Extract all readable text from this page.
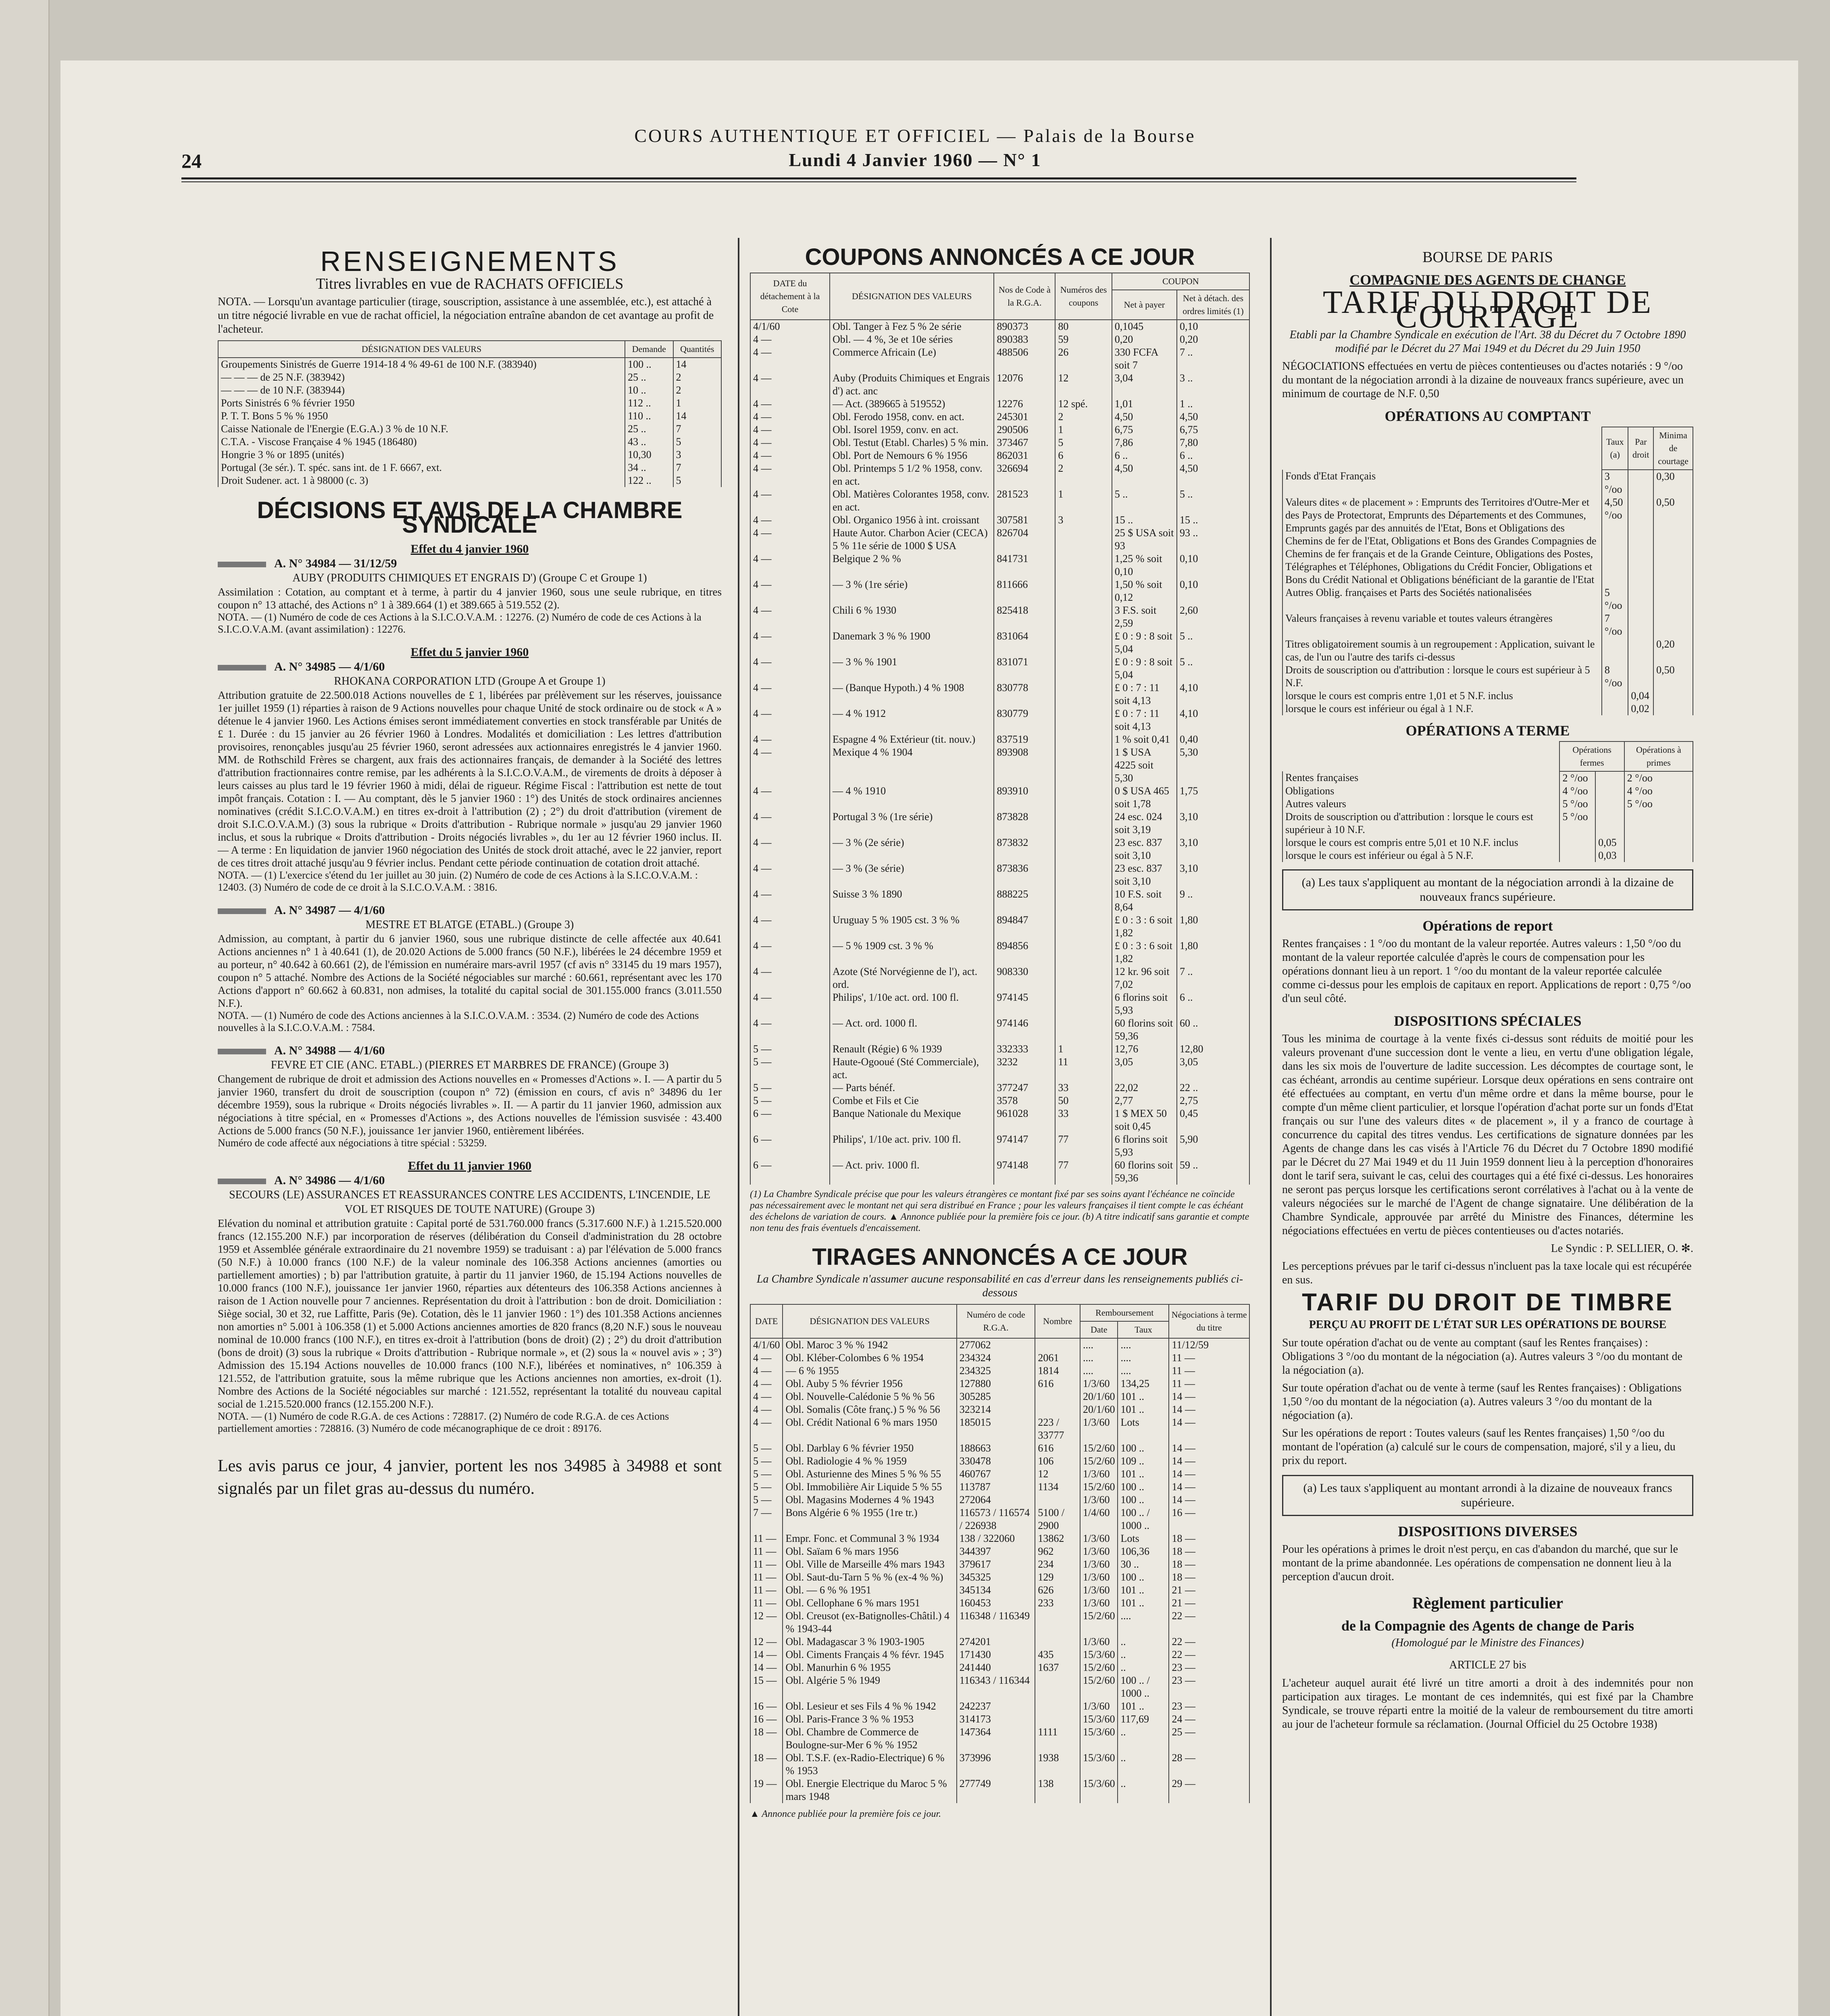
COURS AUTHENTIQUE ET OFFICIEL — Palais de la Bourse
24	Lundi 4 Janvier 1960 — N° 1
RENSEIGNEMENTS
Titres livrables en vue de RACHATS OFFICIELS
NOTA. — Lorsqu'un avantage particulier (tirage, souscription, assistance à une assemblée, etc.), est attaché à un titre négocié livrable en vue de rachat officiel, la négociation entraîne abandon de cet avantage au profit de l'acheteur.
DÉSIGNATION DES VALEURS	Demande	Quantités
Groupements Sinistrés de Guerre 1914-18 4 % 49-61 de 100 N.F. (383940)	100 ..	14
— — — de 25 N.F. (383942)	25 ..	2
— — — de 10 N.F. (383944)	10 ..	2
Ports Sinistrés 6 % février 1950	112 ..	1
P. T. T. Bons 5 % % 1950	110 ..	14
Caisse Nationale de l'Energie (E.G.A.) 3 % de 10 N.F.	25 ..	7
C.T.A. - Viscose Française 4 % 1945 (186480)	43 ..	5
Hongrie 3 % or 1895 (unités)	10,30	3
Portugal (3e sér.). T. spéc. sans int. de 1 F. 6667, ext.	34 ..	7
Droit Sudener. act. 1 à 98000 (c. 3)	122 ..	5
DÉCISIONS ET AVIS DE LA CHAMBRE SYNDICALE
Effet du 4 janvier 1960
A. N° 34984 — 31/12/59
AUBY (PRODUITS CHIMIQUES ET ENGRAIS D') (Groupe C et Groupe 1)
Assimilation : Cotation, au comptant et à terme, à partir du 4 janvier 1960, sous une seule rubrique, en titres coupon n° 13 attaché, des Actions n° 1 à 389.664 (1) et 389.665 à 519.552 (2).
NOTA. — (1) Numéro de code de ces Actions à la S.I.C.O.V.A.M. : 12276. (2) Numéro de code de ces Actions à la S.I.C.O.V.A.M. (avant assimilation) : 12276.
Effet du 5 janvier 1960
A. N° 34985 — 4/1/60
RHOKANA CORPORATION LTD (Groupe A et Groupe 1)
Attribution gratuite de 22.500.018 Actions nouvelles de £ 1, libérées par prélèvement sur les réserves, jouissance 1er juillet 1959 (1) réparties à raison de 9 Actions nouvelles pour chaque Unité de stock ordinaire ou de stock « A » détenue le 4 janvier 1960. Les Actions émises seront immédiatement converties en stock transférable par Unités de £ 1. Durée : du 15 janvier au 26 février 1960 à Londres. Modalités et domiciliation : Les lettres d'attribution provisoires, renonçables jusqu'au 25 février 1960, seront adressées aux actionnaires enregistrés le 4 janvier 1960. MM. de Rothschild Frères se chargent, aux frais des actionnaires français, de demander à la Société des lettres d'attribution fractionnaires contre remise, par les adhérents à la S.I.C.O.V.A.M., de virements de droits à déposer à leurs caisses au plus tard le 19 février 1960 à midi, délai de rigueur. Régime Fiscal : l'attribution est nette de tout impôt français. Cotation : I. — Au comptant, dès le 5 janvier 1960 : 1°) des Unités de stock ordinaires anciennes nominatives (crédit S.I.C.O.V.A.M.) en titres ex-droit à l'attribution (2) ; 2°) du droit d'attribution (virement de droit S.I.C.O.V.A.M.) (3) sous la rubrique « Droits d'attribution - Rubrique normale » jusqu'au 29 janvier 1960 inclus, et sous la rubrique « Droits d'attribution - Droits négociés livrables », du 1er au 12 février 1960 inclus. II. — A terme : En liquidation de janvier 1960 négociation des Unités de stock droit attaché, avec le 22 janvier, report de ces titres droit attaché jusqu'au 9 février inclus. Pendant cette période continuation de cotation droit attaché.
NOTA. — (1) L'exercice s'étend du 1er juillet au 30 juin. (2) Numéro de code de ces Actions à la S.I.C.O.V.A.M. : 12403. (3) Numéro de code de ce droit à la S.I.C.O.V.A.M. : 3816.
A. N° 34987 — 4/1/60
MESTRE ET BLATGE (ETABL.) (Groupe 3)
Admission, au comptant, à partir du 6 janvier 1960, sous une rubrique distincte de celle affectée aux 40.641 Actions anciennes n° 1 à 40.641 (1), de 20.020 Actions de 5.000 francs (50 N.F.), libérées le 24 décembre 1959 et au porteur, n° 40.642 à 60.661 (2), de l'émission en numéraire mars-avril 1957 (cf avis n° 33145 du 19 mars 1957), coupon n° 5 attaché. Nombre des Actions de la Société négociables sur marché : 60.661, représentant avec les 170 Actions d'apport n° 60.662 à 60.831, non admises, la totalité du capital social de 301.155.000 francs (3.011.550 N.F.).
NOTA. — (1) Numéro de code des Actions anciennes à la S.I.C.O.V.A.M. : 3534. (2) Numéro de code des Actions nouvelles à la S.I.C.O.V.A.M. : 7584.
A. N° 34988 — 4/1/60
FEVRE ET CIE (ANC. ETABL.) (PIERRES ET MARBRES DE FRANCE) (Groupe 3)
Changement de rubrique de droit et admission des Actions nouvelles en « Promesses d'Actions ». I. — A partir du 5 janvier 1960, transfert du droit de souscription (coupon n° 72) (émission en cours, cf avis n° 34896 du 1er décembre 1959), sous la rubrique « Droits négociés livrables ». II. — A partir du 11 janvier 1960, admission aux négociations à titre spécial, en « Promesses d'Actions », des Actions nouvelles de l'émission susvisée : 43.400 Actions de 5.000 francs (50 N.F.), jouissance 1er janvier 1960, entièrement libérées.
Numéro de code affecté aux négociations à titre spécial : 53259.
Effet du 11 janvier 1960
A. N° 34986 — 4/1/60
SECOURS (LE) ASSURANCES ET REASSURANCES CONTRE LES ACCIDENTS, L'INCENDIE, LE VOL ET RISQUES DE TOUTE NATURE) (Groupe 3)
Elévation du nominal et attribution gratuite : Capital porté de 531.760.000 francs (5.317.600 N.F.) à 1.215.520.000 francs (12.155.200 N.F.) par incorporation de réserves (délibération du Conseil d'administration du 28 octobre 1959 et Assemblée générale extraordinaire du 21 novembre 1959) se traduisant : a) par l'élévation de 5.000 francs (50 N.F.) à 10.000 francs (100 N.F.) de la valeur nominale des 106.358 Actions anciennes (amorties ou partiellement amorties) ; b) par l'attribution gratuite, à partir du 11 janvier 1960, de 15.194 Actions nouvelles de 10.000 francs (100 N.F.), jouissance 1er janvier 1960, réparties aux détenteurs des 106.358 Actions anciennes à raison de 1 Action nouvelle pour 7 anciennes. Représentation du droit à l'attribution : bon de droit. Domiciliation : Siège social, 30 et 32, rue Laffitte, Paris (9e). Cotation, dès le 11 janvier 1960 : 1°) des 101.358 Actions anciennes non amorties n° 5.001 à 106.358 (1) et 5.000 Actions anciennes amorties de 820 francs (8,20 N.F.) sous le nouveau nominal de 10.000 francs (100 N.F.), en titres ex-droit à l'attribution (bons de droit) (2) ; 2°) du droit d'attribution (bons de droit) (3) sous la rubrique « Droits d'attribution - Rubrique normale », et (2) sous la « nouvel avis » ; 3°) Admission des 15.194 Actions nouvelles de 10.000 francs (100 N.F.), libérées et nominatives, n° 106.359 à 121.552, de l'attribution gratuite, sous la même rubrique que les Actions anciennes non amorties, ex-droit (1). Nombre des Actions de la Société négociables sur marché : 121.552, représentant la totalité du nouveau capital social de 1.215.520.000 francs (12.155.200 N.F.).
NOTA. — (1) Numéro de code R.G.A. de ces Actions : 728817. (2) Numéro de code R.G.A. de ces Actions partiellement amorties : 728816. (3) Numéro de code mécanographique de ce droit : 89176.
Les avis parus ce jour, 4 janvier, portent les nos 34985 à 34988 et sont signalés par un filet gras au-dessus du numéro.
COUPONS ANNONCÉS A CE JOUR
DATE du détachement à la Cote	DÉSIGNATION DES VALEURS	Nos de Code à la R.G.A.	Numéros des coupons	COUPON	
				Net à payer	Net à détach. des ordres limités (1)
4/1/60	Obl. Tanger à Fez 5 % 2e série	890373	80	0,1045	0,10
4 —	Obl. — 4 %, 3e et 10e séries	890383	59	0,20	0,20
4 —	Commerce Africain (Le)	488506	26	330 FCFA soit 7	7 ..
4 —	Auby (Produits Chimiques et Engrais d') act. anc	12076	12	3,04	3 ..
4 —	— Act. (389665 à 519552)	12276	12 spé.	1,01	1 ..
4 —	Obl. Ferodo 1958, conv. en act.	245301	2	4,50	4,50
4 —	Obl. Isorel 1959, conv. en act.	290506	1	6,75	6,75
4 —	Obl. Testut (Etabl. Charles) 5 % min.	373467	5	7,86	7,80
4 —	Obl. Port de Nemours 6 % 1956	862031	6	6 ..	6 ..
4 —	Obl. Printemps 5 1/2 % 1958, conv. en act.	326694	2	4,50	4,50
4 —	Obl. Matières Colorantes 1958, conv. en act.	281523	1	5 ..	5 ..
4 —	Obl. Organico 1956 à int. croissant	307581	3	15 ..	15 ..
4 —	Haute Autor. Charbon Acier (CECA) 5 % 11e série de 1000 $ USA	826704		25 $ USA soit 93	93 ..
4 —	Belgique 2 % %	841731		1,25 % soit 0,10	0,10
4 —	— 3 % (1re série)	811666		1,50 % soit 0,12	0,10
4 —	Chili 6 % 1930	825418		3 F.S. soit 2,59	2,60
4 —	Danemark 3 % % 1900	831064		£ 0 : 9 : 8 soit 5,04	5 ..
4 —	— 3 % % 1901	831071		£ 0 : 9 : 8 soit 5,04	5 ..
4 —	— (Banque Hypoth.) 4 % 1908	830778		£ 0 : 7 : 11 soit 4,13	4,10
4 —	— 4 % 1912	830779		£ 0 : 7 : 11 soit 4,13	4,10
4 —	Espagne 4 % Extérieur (tit. nouv.)	837519		1 % soit 0,41	0,40
4 —	Mexique 4 % 1904	893908		1 $ USA 4225 soit 5,30	5,30
4 —	— 4 % 1910	893910		0 $ USA 465 soit 1,78	1,75
4 —	Portugal 3 % (1re série)	873828		24 esc. 024 soit 3,19	3,10
4 —	— 3 % (2e série)	873832		23 esc. 837 soit 3,10	3,10
4 —	— 3 % (3e série)	873836		23 esc. 837 soit 3,10	3,10
4 —	Suisse 3 % 1890	888225		10 F.S. soit 8,64	9 ..
4 —	Uruguay 5 % 1905 cst. 3 % %	894847		£ 0 : 3 : 6 soit 1,82	1,80
4 —	— 5 % 1909 cst. 3 % %	894856		£ 0 : 3 : 6 soit 1,82	1,80
4 —	Azote (Sté Norvégienne de l'), act. ord.	908330		12 kr. 96 soit 7,02	7 ..
4 —	Philips', 1/10e act. ord. 100 fl.	974145		6 florins soit 5,93	6 ..
4 —	— Act. ord. 1000 fl.	974146		60 florins soit 59,36	60 ..
5 —	Renault (Régie) 6 % 1939	332333	1	12,76	12,80
5 —	Haute-Ogooué (Sté Commerciale), act.	3232	11	3,05	3,05
5 —	— Parts bénéf.	377247	33	22,02	22 ..
5 —	Combe et Fils et Cie	3578	50	2,77	2,75
6 —	Banque Nationale du Mexique	961028	33	1 $ MEX 50 soit 0,45	0,45
6 —	Philips', 1/10e act. priv. 100 fl.	974147	77	6 florins soit 5,93	5,90
6 —	— Act. priv. 1000 fl.	974148	77	60 florins soit 59,36	59 ..
(1) La Chambre Syndicale précise que pour les valeurs étrangères ce montant fixé par ses soins ayant l'échéance ne coïncide pas nécessairement avec le montant net qui sera distribué en France ; pour les valeurs françaises il tient compte le cas échéant des échelons de variation de cours. ▲ Annonce publiée pour la première fois ce jour. (b) A titre indicatif sans garantie et compte non tenu des frais éventuels d'encaissement.
TIRAGES ANNONCÉS A CE JOUR
La Chambre Syndicale n'assumer aucune responsabilité en cas d'erreur dans les renseignements publiés ci-dessous
DATE	DÉSIGNATION DES VALEURS	Numéro de code R.G.A.	Nombre	Remboursement		Négociations à terme du titre
				Date	Taux	
4/1/60	Obl. Maroc 3 % % 1942	277062		....	....	11/12/59
4 —	Obl. Kléber-Colombes 6 % 1954	234324	2061	....	....	11 —
4 —	— 6 % 1955	234325	1814	....	....	11 —
4 —	Obl. Auby 5 % février 1956	127880	616	1/3/60	134,25	11 —
4 —	Obl. Nouvelle-Calédonie 5 % % 56	305285		20/1/60	101 ..	14 —
4 —	Obl. Somalis (Côte franç.) 5 % % 56	323214		20/1/60	101 ..	14 —
4 —	Obl. Crédit National 6 % mars 1950	185015	223 / 33777	1/3/60	Lots	14 —
5 —	Obl. Darblay 6 % février 1950	188663	616	15/2/60	100 ..	14 —
5 —	Obl. Radiologie 4 % % 1959	330478	106	15/2/60	109 ..	14 —
5 —	Obl. Asturienne des Mines 5 % % 55	460767	12	1/3/60	101 ..	14 —
5 —	Obl. Immobilière Air Liquide 5 % 55	113787	1134	15/2/60	100 ..	14 —
5 —	Obl. Magasins Modernes 4 % 1943	272064		1/3/60	100 ..	14 —
7 —	Bons Algérie 6 % 1955 (1re tr.)	116573 / 116574 / 226938	5100 / 2900	1/4/60	100 .. / 1000 ..	16 —
11 —	Empr. Fonc. et Communal 3 % 1934	138 / 322060	13862	1/3/60	Lots	18 —
11 —	Obl. Saïam 6 % mars 1956	344397	962	1/3/60	106,36	18 —
11 —	Obl. Ville de Marseille 4% mars 1943	379617	234	1/3/60	30 ..	18 —
11 —	Obl. Saut-du-Tarn 5 % % (ex-4 % %)	345325	129	1/3/60	100 ..	18 —
11 —	Obl. — 6 % % 1951	345134	626	1/3/60	101 ..	21 —
11 —	Obl. Cellophane 6 % mars 1951	160453	233	1/3/60	101 ..	21 —
12 —	Obl. Creusot (ex-Batignolles-Châtil.) 4 % 1943-44	116348 / 116349		15/2/60	....	22 —
12 —	Obl. Madagascar 3 % 1903-1905	274201		1/3/60	..	22 —
14 —	Obl. Ciments Français 4 % févr. 1945	171430	435	15/3/60	..	22 —
14 —	Obl. Manurhin 6 % 1955	241440	1637	15/2/60	..	23 —
15 —	Obl. Algérie 5 % 1949	116343 / 116344		15/2/60	100 .. / 1000 ..	23 —
16 —	Obl. Lesieur et ses Fils 4 % % 1942	242237		1/3/60	101 ..	23 —
16 —	Obl. Paris-France 3 % % 1953	314173		15/3/60	117,69	24 —
18 —	Obl. Chambre de Commerce de Boulogne-sur-Mer 6 % % 1952	147364	1111	15/3/60	..	25 —
18 —	Obl. T.S.F. (ex-Radio-Electrique) 6 % % 1953	373996	1938	15/3/60	..	28 —
19 —	Obl. Energie Electrique du Maroc 5 % mars 1948	277749	138	15/3/60	..	29 —
▲ Annonce publiée pour la première fois ce jour.
BOURSE DE PARIS
COMPAGNIE DES AGENTS DE CHANGE
TARIF DU DROIT DE COURTAGE
Etabli par la Chambre Syndicale en exécution de l'Art. 38 du Décret du 7 Octobre 1890 modifié par le Décret du 27 Mai 1949 et du Décret du 29 Juin 1950
NÉGOCIATIONS effectuées en vertu de pièces contentieuses ou d'actes notariés : 9 °/oo du montant de la négociation arrondi à la dizaine de nouveaux francs supérieure, avec un minimum de courtage de N.F. 0,50
OPÉRATIONS AU COMPTANT
	Taux (a)	Par droit	Minima de courtage
Fonds d'Etat Français	3 °/oo		0,30
Valeurs dites « de placement » : Emprunts des Territoires d'Outre-Mer et des Pays de Protectorat, Emprunts des Départements et des Communes, Emprunts gagés par des annuités de l'Etat, Bons et Obligations des Chemins de fer de l'Etat, Obligations et Bons des Grandes Compagnies de Chemins de fer français et de la Grande Ceinture, Obligations des Postes, Télégraphes et Téléphones, Obligations du Crédit Foncier, Obligations et Bons du Crédit National et Obligations bénéficiant de la garantie de l'Etat	4,50 °/oo		0,50
Autres Oblig. françaises et Parts des Sociétés nationalisées	5 °/oo		
Valeurs françaises à revenu variable et toutes valeurs étrangères	7 °/oo		
Titres obligatoirement soumis à un regroupement : Application, suivant le cas, de l'un ou l'autre des tarifs ci-dessus			0,20
Droits de souscription ou d'attribution : lorsque le cours est supérieur à 5 N.F.	8 °/oo		0,50
lorsque le cours est compris entre 1,01 et 5 N.F. inclus		0,04	
lorsque le cours est inférieur ou égal à 1 N.F.		0,02	
OPÉRATIONS A TERME
	Opérations fermes		Opérations à primes
Rentes françaises	2 °/oo		2 °/oo
Obligations	4 °/oo		4 °/oo
Autres valeurs	5 °/oo		5 °/oo
Droits de souscription ou d'attribution : lorsque le cours est supérieur à 10 N.F.	5 °/oo		
lorsque le cours est compris entre 5,01 et 10 N.F. inclus		0,05	
lorsque le cours est inférieur ou égal à 5 N.F.		0,03	
(a) Les taux s'appliquent au montant de la négociation arrondi à la dizaine de nouveaux francs supérieure.
Opérations de report
Rentes françaises : 1 °/oo du montant de la valeur reportée. Autres valeurs : 1,50 °/oo du montant de la valeur reportée calculée d'après le cours de compensation pour les opérations donnant lieu à un report. 1 °/oo du montant de la valeur reportée calculée comme ci-dessus pour les emplois de capitaux en report. Applications de report : 0,75 °/oo d'un seul côté.
DISPOSITIONS SPÉCIALES
Tous les minima de courtage à la vente fixés ci-dessus sont réduits de moitié pour les valeurs provenant d'une succession dont le vente a lieu, en vertu d'une obligation légale, dans les six mois de l'ouverture de ladite succession. Les décomptes de courtage sont, le cas échéant, arrondis au centime supérieur. Lorsque deux opérations en sens contraire ont été effectuées au comptant, en vertu d'un même ordre et dans la même bourse, pour le compte d'un même client particulier, et lorsque l'opération d'achat porte sur un fonds d'Etat français ou sur l'une des valeurs dites « de placement », il y a franco de courtage à concurrence du capital des titres vendus. Les certifications de signature données par les Agents de change dans les cas visés à l'Article 76 du Décret du 7 Octobre 1890 modifié par le Décret du 27 Mai 1949 et du 11 Juin 1959 donnent lieu à la perception d'honoraires dont le tarif sera, suivant le cas, celui des courtages qui a été fixé ci-dessus. Les honoraires ne seront pas perçus lorsque les certifications seront corrélatives à l'achat ou à la vente de valeurs négociées sur le marché de l'Agent de change signataire. Une délibération de la Chambre Syndicale, approuvée par arrêté du Ministre des Finances, détermine les négociations effectuées en vertu de pièces contentieuses ou d'actes notariés.
Le Syndic : P. SELLIER, O. ✻.
Les perceptions prévues par le tarif ci-dessus n'incluent pas la taxe locale qui est récupérée en sus.
TARIF DU DROIT DE TIMBRE
PERÇU AU PROFIT DE L'ÉTAT SUR LES OPÉRATIONS DE BOURSE
Sur toute opération d'achat ou de vente au comptant (sauf les Rentes françaises) : Obligations 3 °/oo du montant de la négociation (a). Autres valeurs 3 °/oo du montant de la négociation (a).
Sur toute opération d'achat ou de vente à terme (sauf les Rentes françaises) : Obligations 1,50 °/oo du montant de la négociation (a). Autres valeurs 3 °/oo du montant de la négociation (a).
Sur les opérations de report : Toutes valeurs (sauf les Rentes françaises) 1,50 °/oo du montant de l'opération (a) calculé sur le cours de compensation, majoré, s'il y a lieu, du prix du report.
(a) Les taux s'appliquent au montant arrondi à la dizaine de nouveaux francs supérieure.
DISPOSITIONS DIVERSES
Pour les opérations à primes le droit n'est perçu, en cas d'abandon du marché, que sur le montant de la prime abandonnée. Les opérations de compensation ne donnent lieu à la perception d'aucun droit.
Règlement particulier
de la Compagnie des Agents de change de Paris
(Homologué par le Ministre des Finances)
ARTICLE 27 bis
L'acheteur auquel aurait été livré un titre amorti a droit à des indemnités pour non participation aux tirages. Le montant de ces indemnités, qui est fixé par la Chambre Syndicale, se trouve réparti entre la moitié de la valeur de remboursement du titre amorti au jour de l'acheteur formule sa réclamation. (Journal Officiel du 25 Octobre 1938)
